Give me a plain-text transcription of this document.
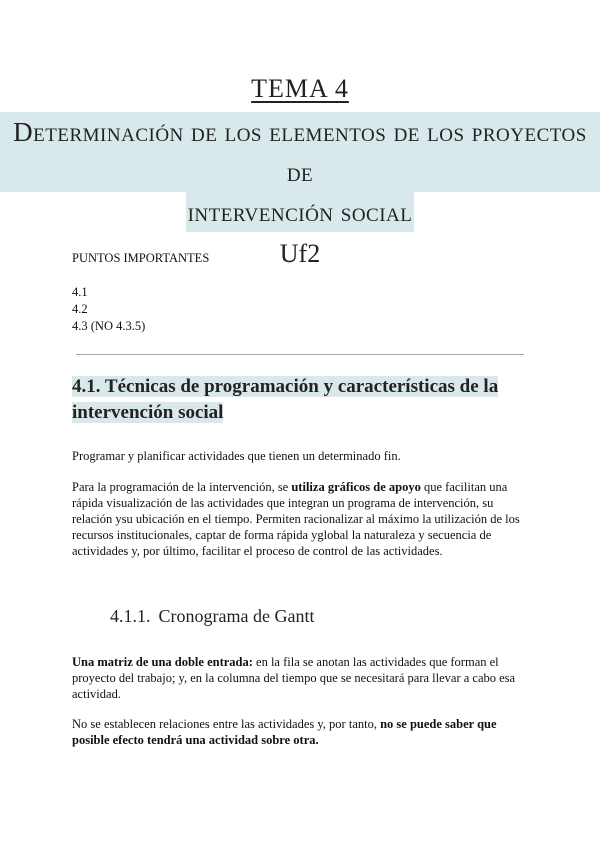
TEMA 4
Determinación de los elementos de los proyectos de
intervención social
Uf2
PUNTOS IMPORTANTES
4.1
4.2
4.3 (NO 4.3.5)
4.1. Técnicas de programación y características de la intervención social
Programar y planificar actividades que tienen un determinado fin.
Para la programación de la intervención, se utiliza gráficos de apoyo que facilitan una rápida visualización de las actividades que integran un programa de intervención, su relación ysu ubicación en el tiempo. Permiten racionalizar al máximo la utilización de los recursos institucionales, captar de forma rápida yglobal la naturaleza y secuencia de actividades y, por último, facilitar el proceso de control de las actividades.
4.1.1. Cronograma de Gantt
Una matriz de una doble entrada: en la fila se anotan las actividades que forman el proyecto del trabajo; y, en la columna del tiempo que se necesitará para llevar a cabo esa actividad.
No se establecen relaciones entre las actividades y, por tanto, no se puede saber que posible efecto tendrá una actividad sobre otra.
